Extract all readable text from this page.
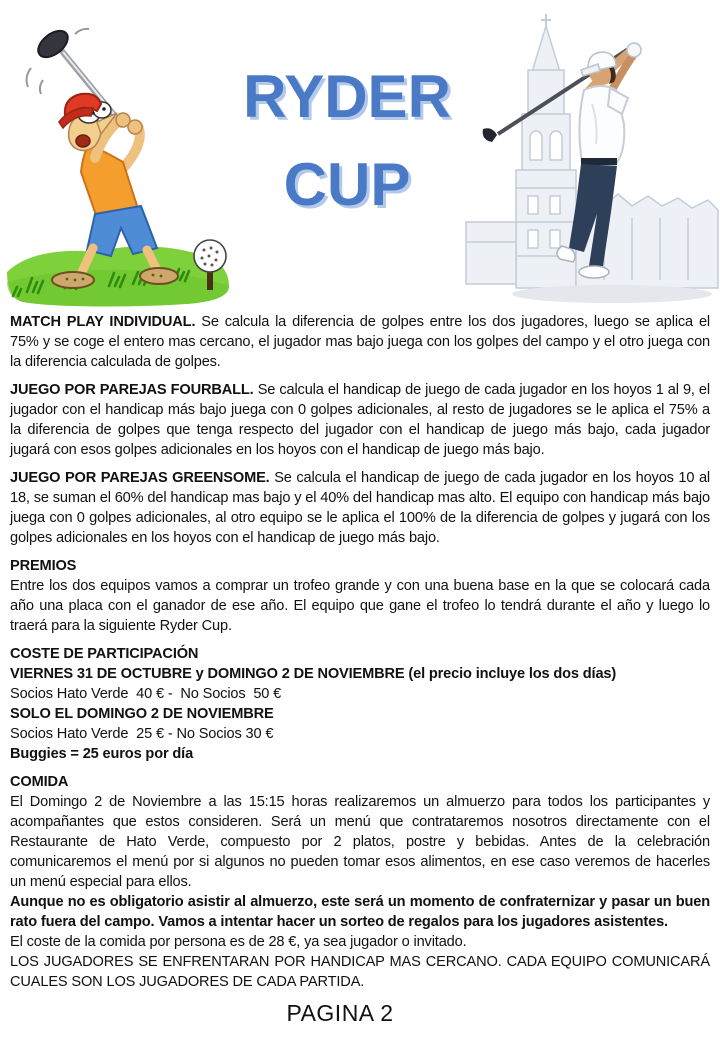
RYDER
CUP

MATCH PLAY INDIVIDUAL. Se calcula la diferencia de golpes entre los dos jugadores, luego se aplica el 75% y se coge el entero mas cercano, el jugador mas bajo juega con los golpes del campo y el otro juega con la diferencia calculada de golpes.

JUEGO POR PAREJAS FOURBALL. Se calcula el handicap de juego de cada jugador en los hoyos 1 al 9, el jugador con el handicap más bajo juega con 0 golpes adicionales, al resto de jugadores se le aplica el 75% a la diferencia de golpes que tenga respecto del jugador con el handicap de juego más bajo, cada jugador jugará con esos golpes adicionales en los hoyos con el handicap de juego más bajo.

JUEGO POR PAREJAS GREENSOME. Se calcula el handicap de juego de cada jugador en los hoyos 10 al 18, se suman el 60% del handicap mas bajo y el 40% del handicap mas alto. El equipo con handicap más bajo juega con 0 golpes adicionales, al otro equipo se le aplica el 100% de la diferencia de golpes y jugará con los golpes adicionales en los hoyos con el handicap de juego más bajo.

PREMIOS
Entre los dos equipos vamos a comprar un trofeo grande y con una buena base en la que se colocará cada año una placa con el ganador de ese año. El equipo que gane el trofeo lo tendrá durante el año y luego lo traerá para la siguiente Ryder Cup.

COSTE DE PARTICIPACIÓN
VIERNES 31 DE OCTUBRE y DOMINGO 2 DE NOVIEMBRE (el precio incluye los dos días)
Socios Hato Verde  40 € -  No Socios  50 €
SOLO EL DOMINGO 2 DE NOVIEMBRE
Socios Hato Verde  25 € - No Socios 30 €
Buggies = 25 euros por día

COMIDA
El Domingo 2 de Noviembre a las 15:15 horas realizaremos un almuerzo para todos los participantes y acompañantes que estos consideren. Será un menú que contrataremos nosotros directamente con el Restaurante de Hato Verde, compuesto por 2 platos, postre y bebidas. Antes de la celebración comunicaremos el menú por si algunos no pueden tomar esos alimentos, en ese caso veremos de hacerles un menú especial para ellos.
Aunque no es obligatorio asistir al almuerzo, este será un momento de confraternizar y pasar un buen rato fuera del campo. Vamos a intentar hacer un sorteo de regalos para los jugadores asistentes.
El coste de la comida por persona es de 28 €, ya sea jugador o invitado.
LOS JUGADORES SE ENFRENTARAN POR HANDICAP MAS CERCANO. CADA EQUIPO COMUNICARÁ CUALES SON LOS JUGADORES DE CADA PARTIDA.

PAGINA 2
